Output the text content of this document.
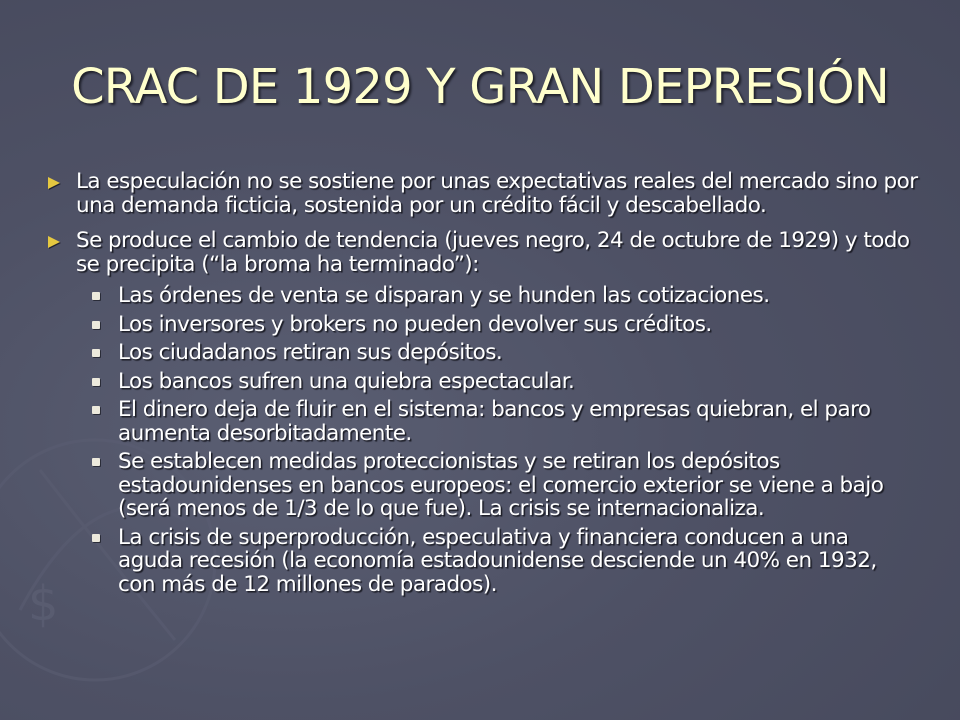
$
CRAC DE 1929 Y GRAN DEPRESIÓN
La especulación no se sostiene por unas expectativas reales del mercado sino por una demanda ficticia, sostenida por un crédito fácil y descabellado.
Se produce el cambio de tendencia (jueves negro, 24 de octubre de 1929) y todo se precipita (“la broma ha terminado”):
Las órdenes de venta se disparan y se hunden las cotizaciones.
Los inversores y brokers no pueden devolver sus créditos.
Los ciudadanos retiran sus depósitos.
Los bancos sufren una quiebra espectacular.
El dinero deja de fluir en el sistema: bancos y empresas quiebran, el paro aumenta desorbitadamente.
Se establecen medidas proteccionistas y se retiran los depósitos estadounidenses en bancos europeos: el comercio exterior se viene a bajo (será menos de 1/3 de lo que fue). La crisis se internacionaliza.
La crisis de superproducción, especulativa y financiera conducen a una aguda recesión (la economía estadounidense desciende un 40% en 1932, con más de 12 millones de parados).
